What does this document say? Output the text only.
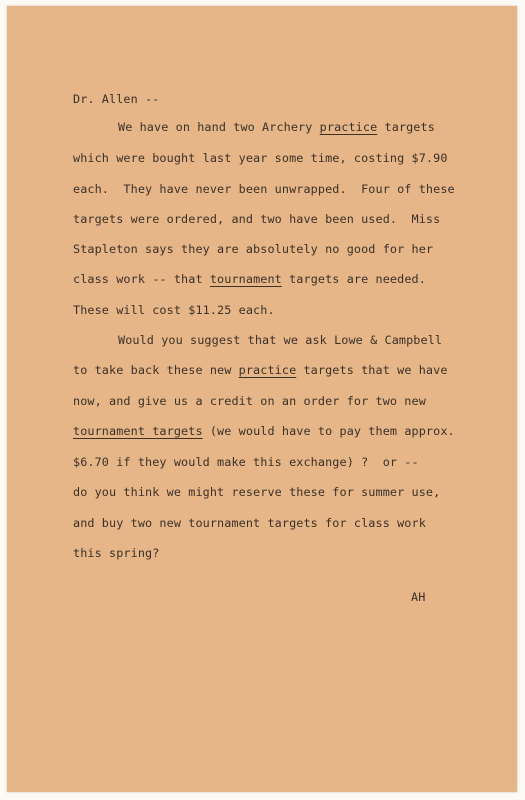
Dr. Allen --
We have on hand two Archery practice targets
which were bought last year some time, costing $7.90
each.  They have never been unwrapped.  Four of these
targets were ordered, and two have been used.  Miss
Stapleton says they are absolutely no good for her
class work -- that tournament targets are needed.
These will cost $11.25 each.
Would you suggest that we ask Lowe & Campbell
to take back these new practice targets that we have
now, and give us a credit on an order for two new
tournament targets (we would have to pay them approx.
$6.70 if they would make this exchange) ?  or --
do you think we might reserve these for summer use,
and buy two new tournament targets for class work
this spring?
AH
